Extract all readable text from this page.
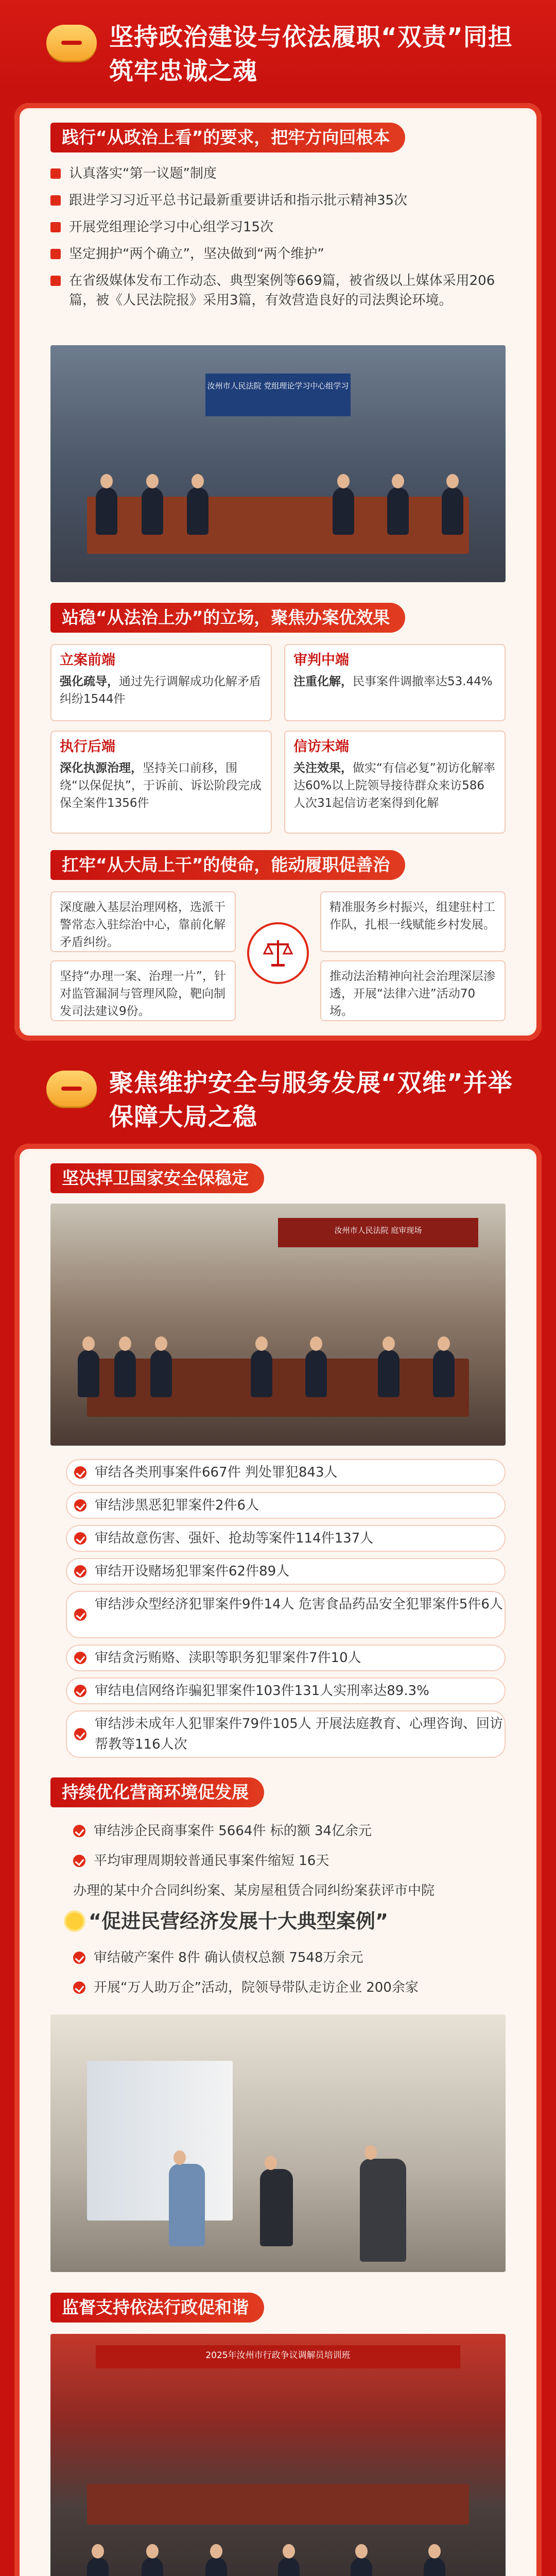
坚持政治建设与依法履职“双责”同担
筑牢忠诚之魂
践行“从政治上看”的要求，把牢方向回根本
认真落实“第一议题”制度
跟进学习习近平总书记最新重要讲话和指示批示精神35次
开展党组理论学习中心组学习15次
坚定拥护“两个确立”，坚决做到“两个维护”
在省级媒体发布工作动态、典型案例等669篇，被省级以上媒体采用206篇，被《人民法院报》采用3篇，有效营造良好的司法舆论环境。
汝州市人民法院 党组理论学习中心组学习
站稳“从法治上办”的立场，聚焦办案优效果
立案前端
强化疏导，通过先行调解成功化解矛盾纠纷1544件
审判中端
注重化解，民事案件调撤率达53.44%
执行后端
深化执源治理，坚持关口前移，围绕“以保促执”，于诉前、诉讼阶段完成保全案件1356件
信访末端
关注效果，做实“有信必复”初访化解率达60%以上院领导接待群众来访586人次31起信访老案得到化解
扛牢“从大局上干”的使命，能动履职促善治
深度融入基层治理网格，选派干警常态入驻综治中心，靠前化解矛盾纠纷。
精准服务乡村振兴，组建驻村工作队，扎根一线赋能乡村发展。
坚持“办理一案、治理一片”，针对监管漏洞与管理风险，靶向制发司法建议9份。
推动法治精神向社会治理深层渗透，开展“法律六进”活动70场。
聚焦维护安全与服务发展“双维”并举
保障大局之稳
坚决捍卫国家安全保稳定
汝州市人民法院 庭审现场
审结各类刑事案件667件 判处罪犯843人
审结涉黑恶犯罪案件2件6人
审结故意伤害、强奸、抢劫等案件114件137人
审结开设赌场犯罪案件62件89人
审结涉众型经济犯罪案件9件14人 危害食品药品安全犯罪案件5件6人
审结贪污贿赂、渎职等职务犯罪案件7件10人
审结电信网络诈骗犯罪案件103件131人实刑率达89.3%
审结涉未成年人犯罪案件79件105人 开展法庭教育、心理咨询、回访帮教等116人次
持续优化营商环境促发展
审结涉企民商事案件 5664件 标的额 34亿余元
平均审理周期较普通民事案件缩短 16天
办理的某中介合同纠纷案、某房屋租赁合同纠纷案获评市中院
“促进民营经济发展十大典型案例”
审结破产案件 8件 确认债权总额 7548万余元
开展“万人助万企”活动，院领导带队走访企业 200余家
监督支持依法行政促和谐
2025年汝州市行政争议调解员培训班
